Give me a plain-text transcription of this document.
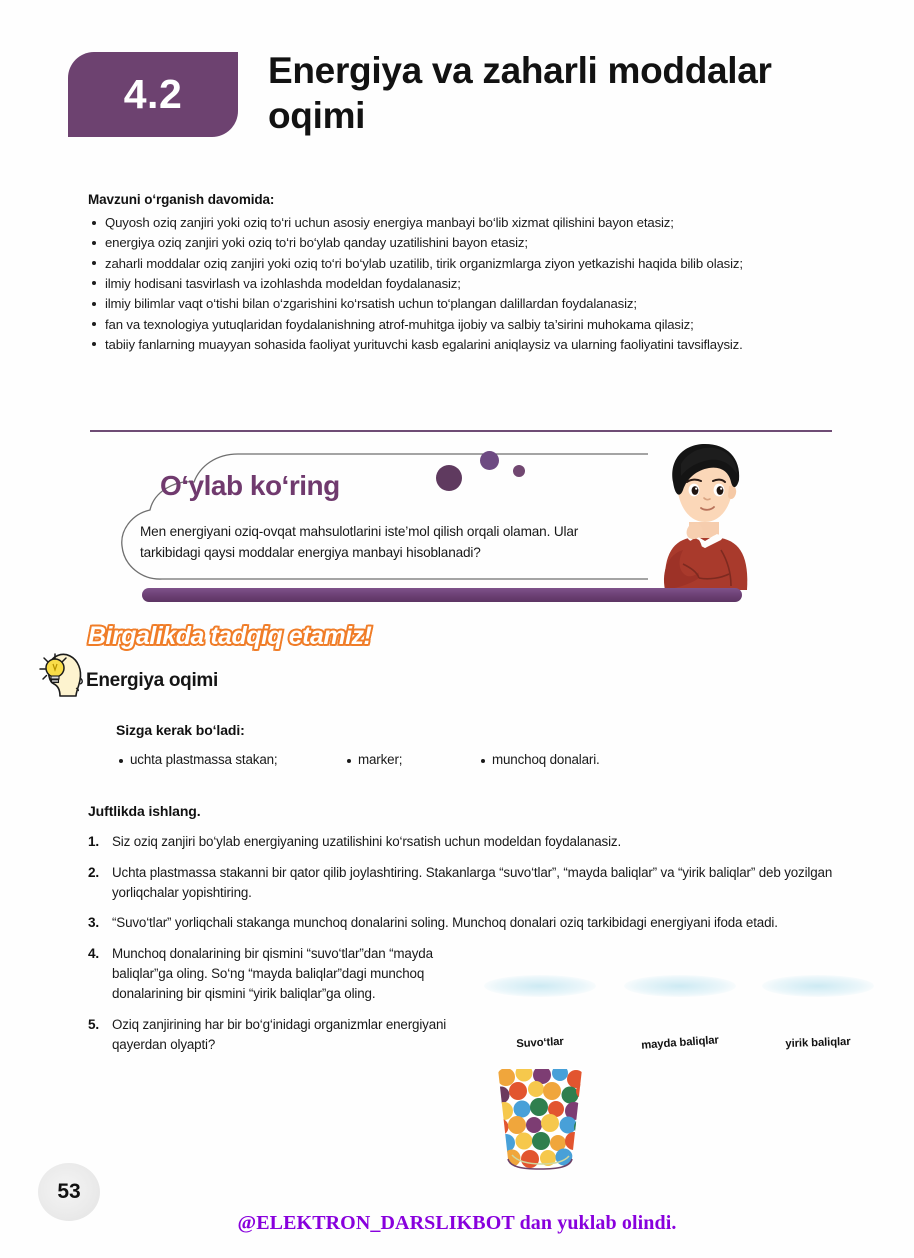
4.2
Energiya va zaharli moddalar oqimi
Mavzuni o‘rganish davomida:
Quyosh oziq zanjiri yoki oziq to‘ri uchun asosiy energiya manbayi bo‘lib xizmat qilishini bayon etasiz;
energiya oziq zanjiri yoki oziq to‘ri bo‘ylab qanday uzatilishini bayon etasiz;
zaharli moddalar oziq zanjiri yoki oziq to‘ri bo‘ylab uzatilib, tirik organizmlarga ziyon yetkazishi haqida bilib olasiz;
ilmiy hodisani tasvirlash va izohlashda modeldan foydalanasiz;
ilmiy bilimlar vaqt o‘tishi bilan o‘zgarishini ko‘rsatish uchun to‘plangan dalillardan foydalanasiz;
fan va texnologiya yutuqlaridan foydalanishning atrof-muhitga ijobiy va salbiy ta’sirini muhokama qilasiz;
tabiiy fanlarning muayyan sohasida faoliyat yurituvchi kasb egalarini aniqlaysiz va ularning faoliyatini tavsiflaysiz.
O‘ylab ko‘ring
Men energiyani oziq-ovqat mahsulotlarini iste’mol qilish orqali olaman. Ular tarkibidagi qaysi moddalar energiya manbayi hisoblanadi?
Birgalikda tadqiq etamiz!
Energiya oqimi
Sizga kerak bo‘ladi:
uchta plastmassa stakan;	marker;	munchoq donalari.
Juftlikda ishlang.
1. Siz oziq zanjiri bo‘ylab energiyaning uzatilishini ko‘rsatish uchun modeldan foydalanasiz.
2. Uchta plastmassa stakanni bir qator qilib joylashtiring. Stakanlarga “suvo‘tlar”, “mayda baliqlar” va “yirik baliqlar” deb yozilgan yorliqchalar yopishtiring.
3. “Suvo‘tlar” yorliqchali stakanga munchoq donalarini soling. Munchoq donalari oziq tarkibidagi energiyani ifoda etadi.
4. Munchoq donalarining bir qismini “suvo‘tlar”dan “mayda baliqlar”ga oling. So‘ng “mayda baliqlar”dagi munchoq donalarining bir qismini “yirik baliqlar”ga oling.
5. Oziq zanjirining har bir bo‘g‘inidagi organizmlar energiyani qayerdan olyapti?	Suvo‘tlar	mayda baliqlar	yirik baliqlar
53
@ELEKTRON_DARSLIKBOT dan yuklab olindi.
